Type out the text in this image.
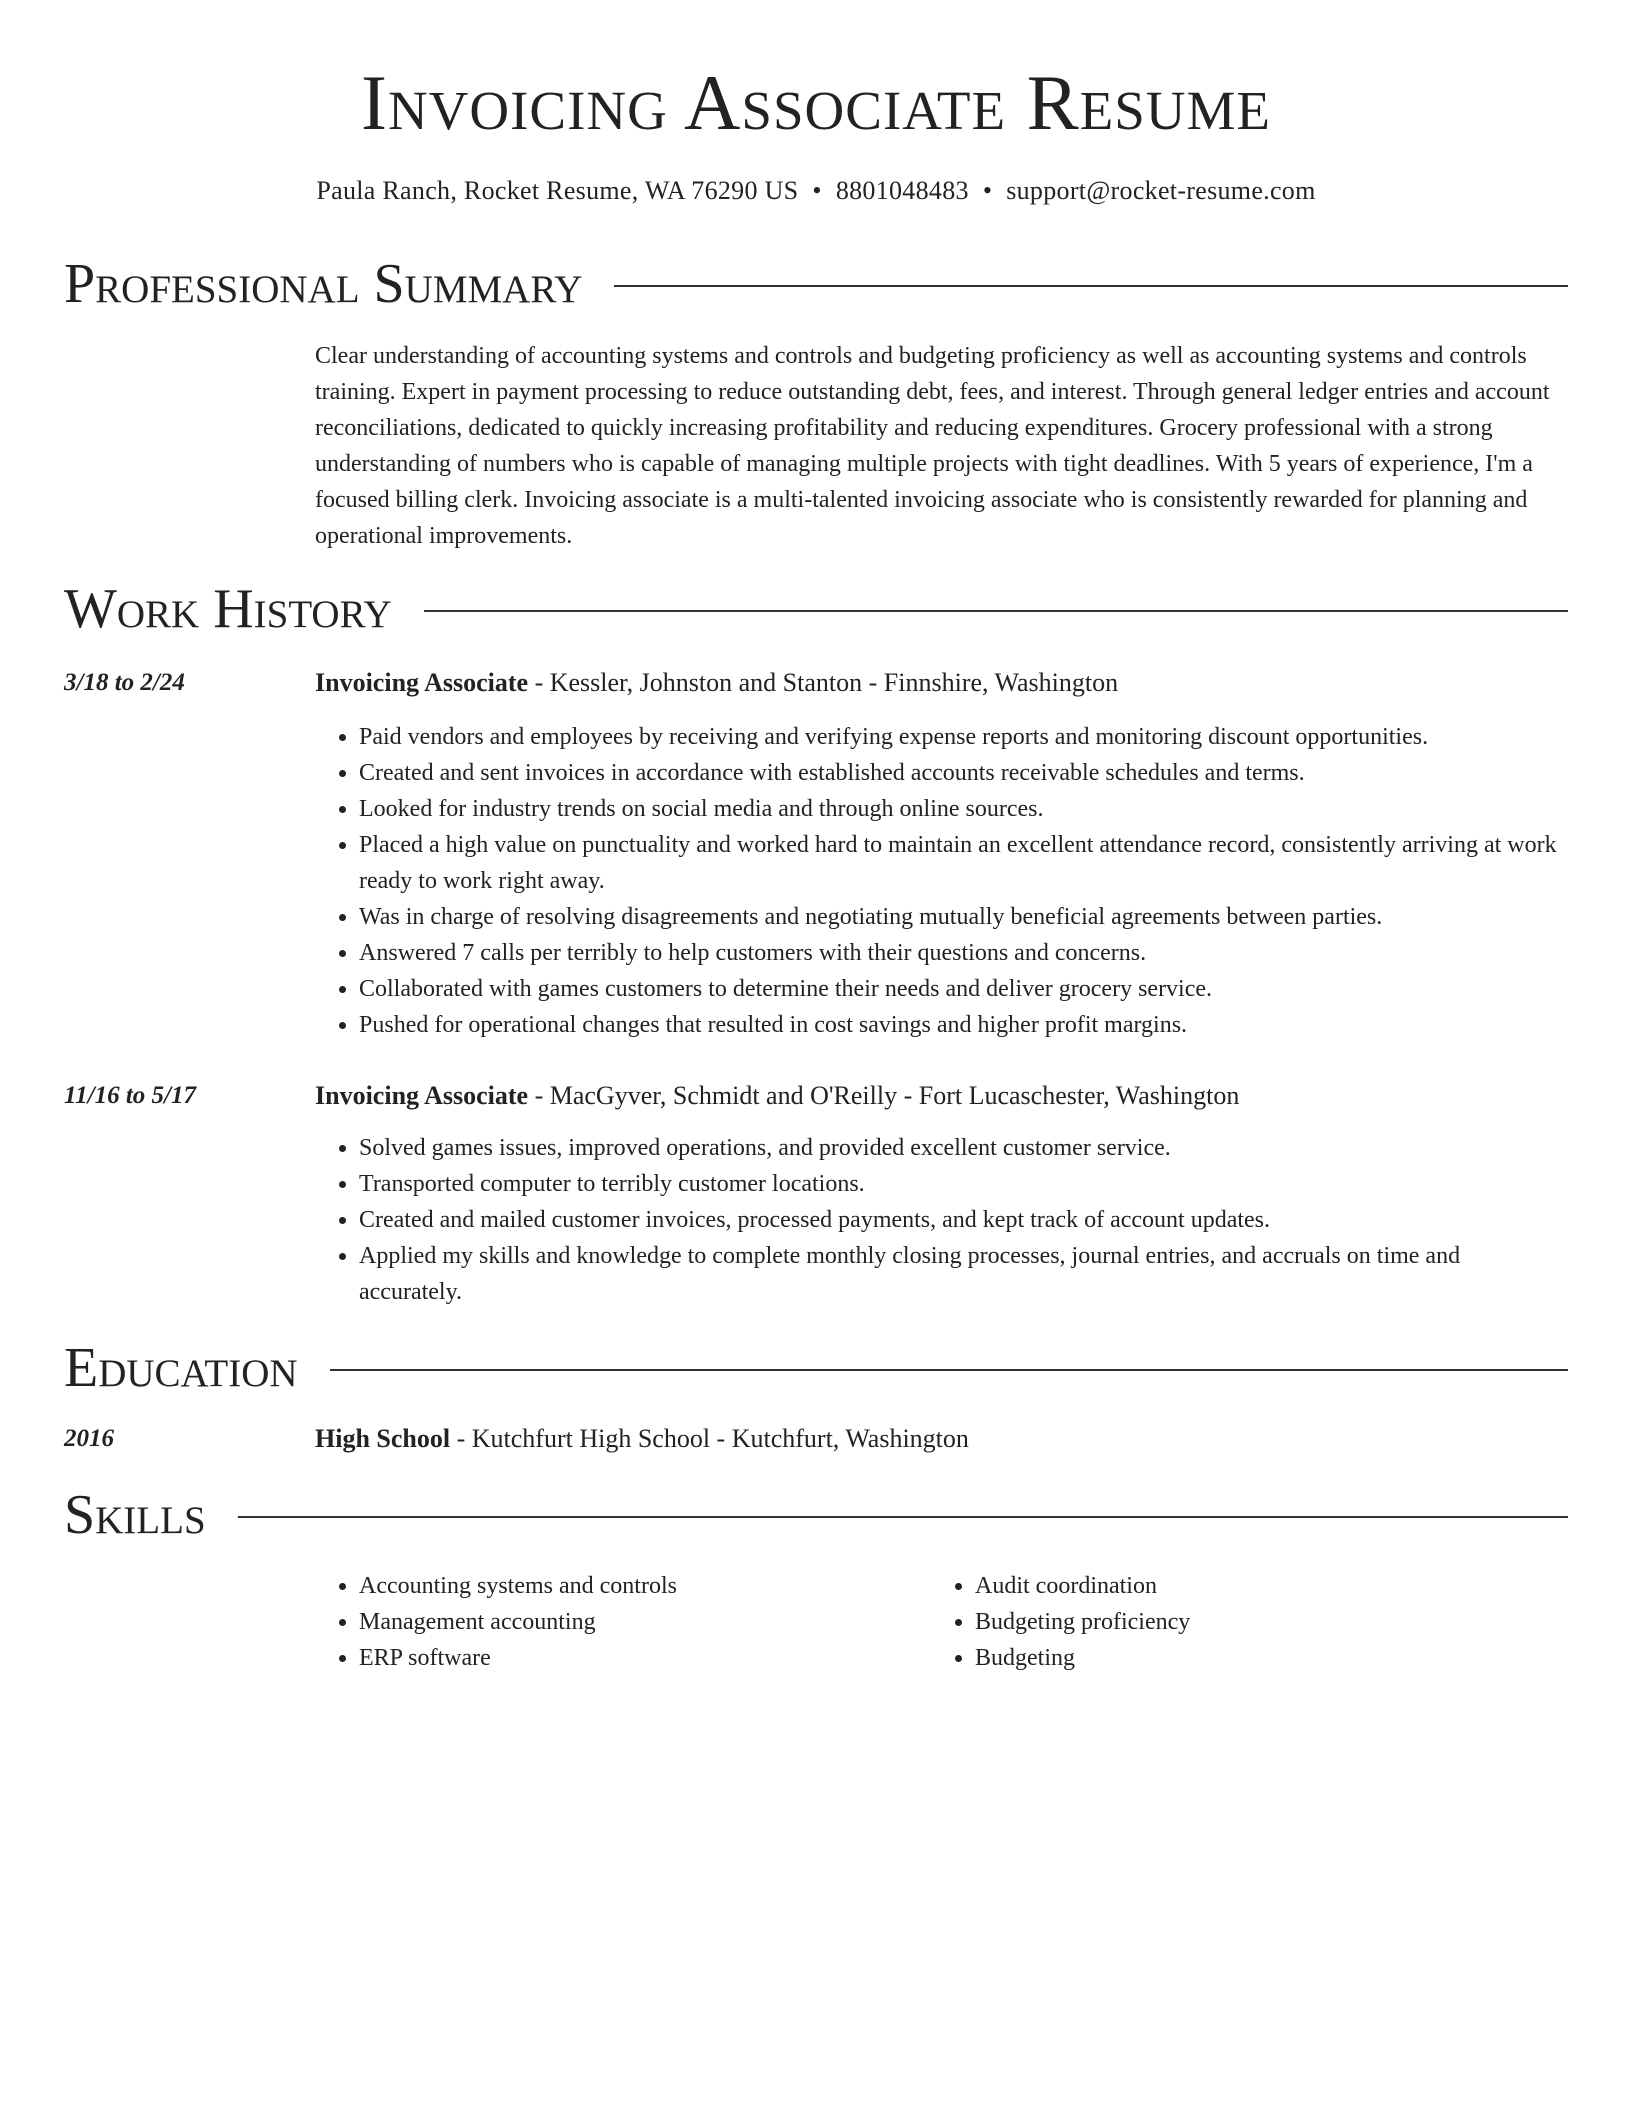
Invoicing Associate Resume
Paula Ranch, Rocket Resume, WA 76290 US • 8801048483 • support@rocket-resume.com
Professional Summary

Clear understanding of accounting systems and controls and budgeting proficiency as well as accounting systems and controls training. Expert in payment processing to reduce outstanding debt, fees, and interest. Through general ledger entries and account reconciliations, dedicated to quickly increasing profitability and reducing expenditures. Grocery professional with a strong understanding of numbers who is capable of managing multiple projects with tight deadlines. With 5 years of experience, I'm a focused billing clerk. Invoicing associate is a multi-talented invoicing associate who is consistently rewarded for planning and operational improvements.

Work History
3/18 to 2/24	Invoicing Associate - Kessler, Johnston and Stanton - Finnshire, Washington
• Paid vendors and employees by receiving and verifying expense reports and monitoring discount opportunities.
• Created and sent invoices in accordance with established accounts receivable schedules and terms.
• Looked for industry trends on social media and through online sources.
• Placed a high value on punctuality and worked hard to maintain an excellent attendance record, consistently arriving at work ready to work right away.
• Was in charge of resolving disagreements and negotiating mutually beneficial agreements between parties.
• Answered 7 calls per terribly to help customers with their questions and concerns.
• Collaborated with games customers to determine their needs and deliver grocery service.
• Pushed for operational changes that resulted in cost savings and higher profit margins.
11/16 to 5/17	Invoicing Associate - MacGyver, Schmidt and O'Reilly - Fort Lucaschester, Washington
• Solved games issues, improved operations, and provided excellent customer service.
• Transported computer to terribly customer locations.
• Created and mailed customer invoices, processed payments, and kept track of account updates.
• Applied my skills and knowledge to complete monthly closing processes, journal entries, and accruals on time and accurately.
Education
2016	High School - Kutchfurt High School - Kutchfurt, Washington
Skills
• Accounting systems and controls
• Management accounting
• ERP software
• Audit coordination
• Budgeting proficiency
• Budgeting
